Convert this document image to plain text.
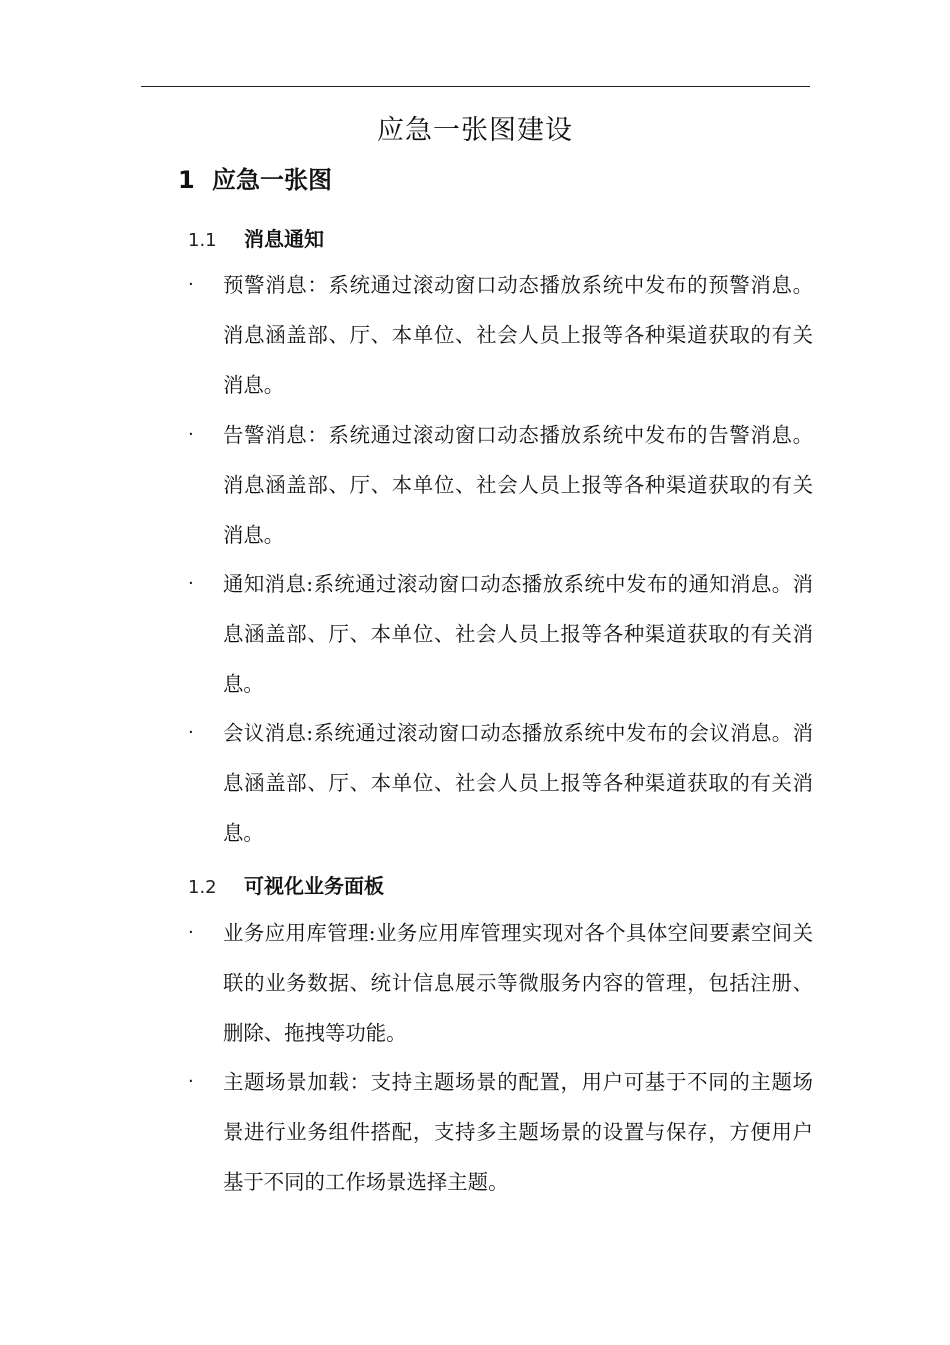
应急一张图建设
1 应急一张图
1.1 消息通知
· 预警消息：系统通过滚动窗口动态播放系统中发布的预警消息。消息涵盖部、厅、本单位、社会人员上报等各种渠道获取的有关消息。
· 告警消息：系统通过滚动窗口动态播放系统中发布的告警消息。消息涵盖部、厅、本单位、社会人员上报等各种渠道获取的有关消息。
· 通知消息:系统通过滚动窗口动态播放系统中发布的通知消息。消息涵盖部、厅、本单位、社会人员上报等各种渠道获取的有关消息。
· 会议消息:系统通过滚动窗口动态播放系统中发布的会议消息。消息涵盖部、厅、本单位、社会人员上报等各种渠道获取的有关消息。
1.2 可视化业务面板
· 业务应用库管理:业务应用库管理实现对各个具体空间要素空间关联的业务数据、统计信息展示等微服务内容的管理，包括注册、删除、拖拽等功能。
· 主题场景加载：支持主题场景的配置，用户可基于不同的主题场景进行业务组件搭配，支持多主题场景的设置与保存，方便用户基于不同的工作场景选择主题。
